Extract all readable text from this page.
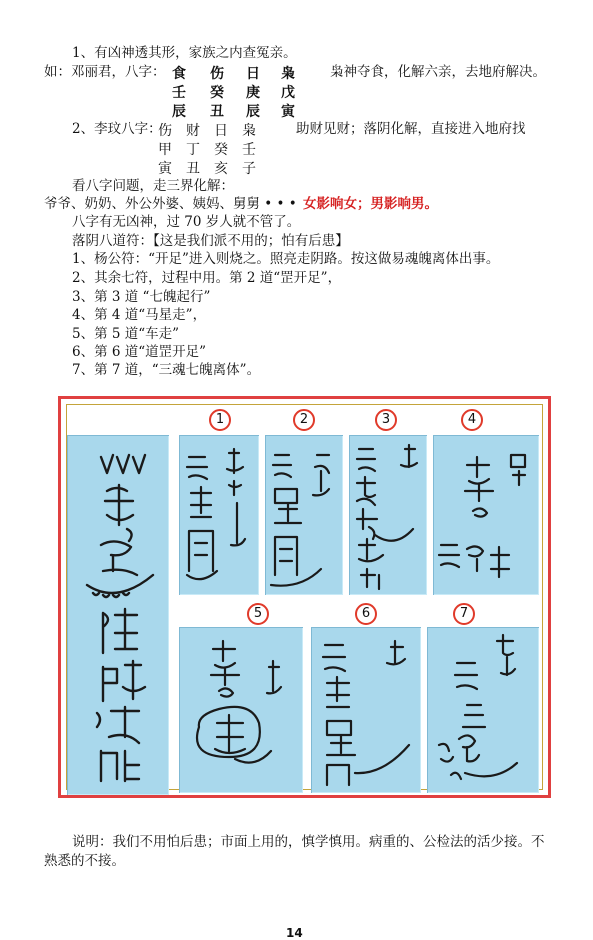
1、有凶神透其形，家族之内查冤亲。
如：邓丽君，八字： 食 伤 日 枭	枭神夺食，化解六亲，去地府解决。
壬 癸 庚 戊
辰 丑 辰 寅
2、李玟八字：
伤 财 日 枭	助财见财；落阴化解，直接进入地府找
甲 丁 癸 壬
寅 丑 亥 子
看八字问题，走三界化解：
爷爷、奶奶、外公外婆、姨妈、舅舅 • • • 女影响女；男影响男。
八字有无凶神，过 70 岁人就不管了。
落阴八道符：【这是我们派不用的；怕有后患】
1、杨公符：“开足”进入则烧之。照亮走阴路。按这做易魂魄离体出事。
2、其余七符，过程中用。第 2 道“罡开足”，
3、第 3 道 “七魄起行”
4、第 4 道“马星走”，
5、第 5 道“车走”
6、第 6 道“道罡开足”
7、第 7 道，“三魂七魄离体”。
1	2	3	4
5	6	7
说明：我们不用怕后患；市面上用的，慎学慎用。病重的、公检法的活少接。不
熟悉的不接。
14
